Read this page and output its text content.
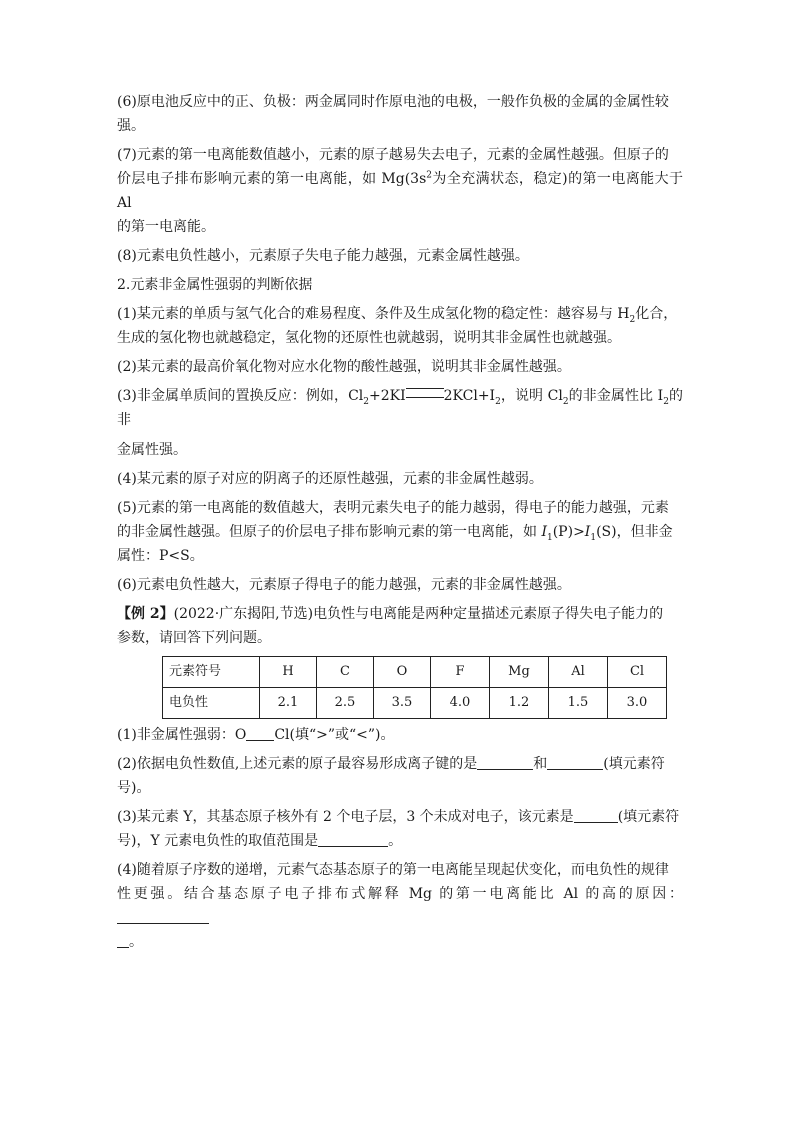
(6)原电池反应中的正、负极：两金属同时作原电池的电极，一般作负极的金属的金属性较
强。

(7)元素的第一电离能数值越小，元素的原子越易失去电子，元素的金属性越强。但原子的
价层电子排布影响元素的第一电离能，如 $Mg(3s^2$为全充满状态，稳定)的第一电离能大于 Al
的第一电离能。

(8)元素电负性越小，元素原子失电子能力越强，元素金属性越强。

2.元素非金属性强弱的判断依据

(1)某元素的单质与氢气化合的难易程度、条件及生成氢化物的稳定性：越容易与 $H_2$化合，
生成的氢化物也就越稳定，氢化物的还原性也就越弱，说明其非金属性也就越强。

(2)某元素的最高价氧化物对应水化物的酸性越强，说明其非金属性越强。

(3)非金属单质间的置换反应：例如，$Cl_2+2KI$	$2KCl+I_2$，说明 $Cl_2$的非金属性比 $I_2$的非
金属性强。

(4)某元素的原子对应的阴离子的还原性越强，元素的非金属性越弱。

(5)元素的第一电离能的数值越大，表明元素失电子的能力越弱，得电子的能力越强，元素
的非金属性越强。但原子的价层电子排布影响元素的第一电离能，如 $I_1(P)>I_1(S)$，但非金
属性：P<S。

(6)元素电负性越大，元素原子得电子的能力越强，元素的非金属性越强。

【例 2】(2022·广东揭阳,节选)电负性与电离能是两种定量描述元素原子得失电子能力的
参数，请回答下列问题。

元素符号	H	C	O	F	Mg	Al	Cl
电负性	2.1	2.5	3.5	4.0	1.2	1.5	3.0

(1)非金属性强弱：O Cl(填“>”或“<”)。

(2)依据电负性数值,上述元素的原子最容易形成离子键的是	和	(填元素符
号)。

(3)某元素 Y，其基态原子核外有 2 个电子层，3 个未成对电子，该元素是	(填元素符
号)，Y 元素电负性的取值范围是	。

(4)随着原子序数的递增，元素气态基态原子的第一电离能呈现起伏变化，而电负性的规律
性更强。结合基态原子电子排布式解释 Mg 的第一电离能比 Al 的高的原因：
。
